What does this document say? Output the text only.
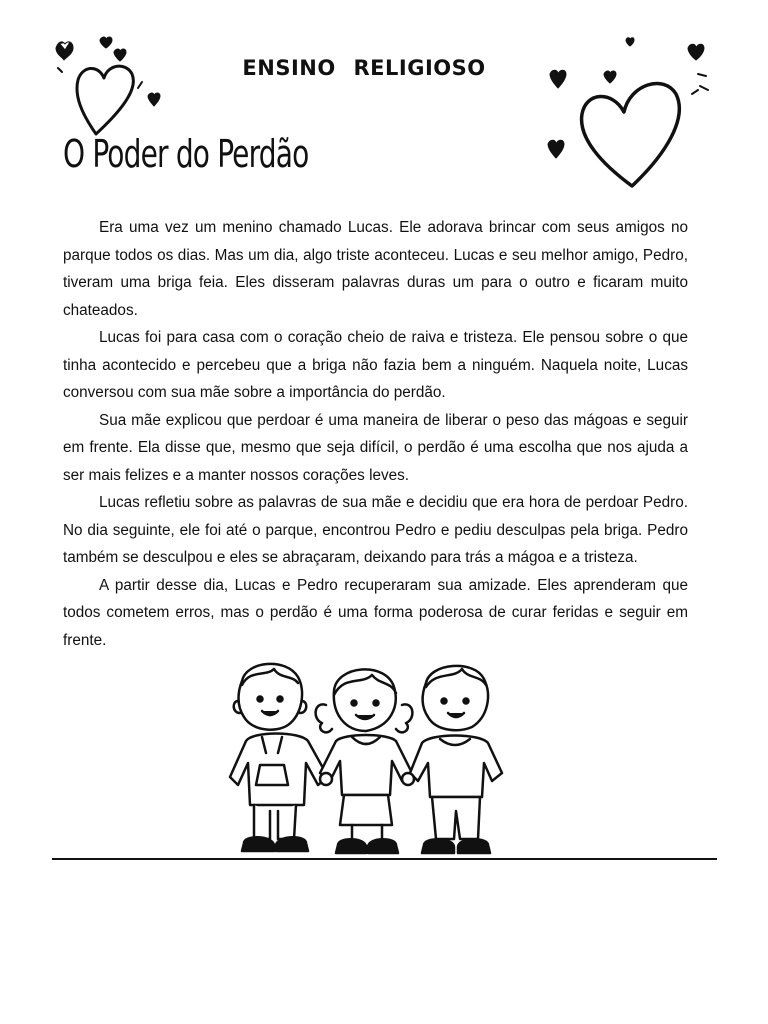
ENSINO RELIGIOSO
O Poder do Perdão

Era uma vez um menino chamado Lucas. Ele adorava brincar com seus amigos no parque todos os dias. Mas um dia, algo triste aconteceu. Lucas e seu melhor amigo, Pedro, tiveram uma briga feia. Eles disseram palavras duras um para o outro e ficaram muito chateados.

Lucas foi para casa com o coração cheio de raiva e tristeza. Ele pensou sobre o que tinha acontecido e percebeu que a briga não fazia bem a ninguém. Naquela noite, Lucas conversou com sua mãe sobre a importância do perdão.

Sua mãe explicou que perdoar é uma maneira de liberar o peso das mágoas e seguir em frente. Ela disse que, mesmo que seja difícil, o perdão é uma escolha que nos ajuda a ser mais felizes e a manter nossos corações leves.

Lucas refletiu sobre as palavras de sua mãe e decidiu que era hora de perdoar Pedro. No dia seguinte, ele foi até o parque, encontrou Pedro e pediu desculpas pela briga. Pedro também se desculpou e eles se abraçaram, deixando para trás a mágoa e a tristeza.

A partir desse dia, Lucas e Pedro recuperaram sua amizade. Eles aprenderam que todos cometem erros, mas o perdão é uma forma poderosa de curar feridas e seguir em frente.
